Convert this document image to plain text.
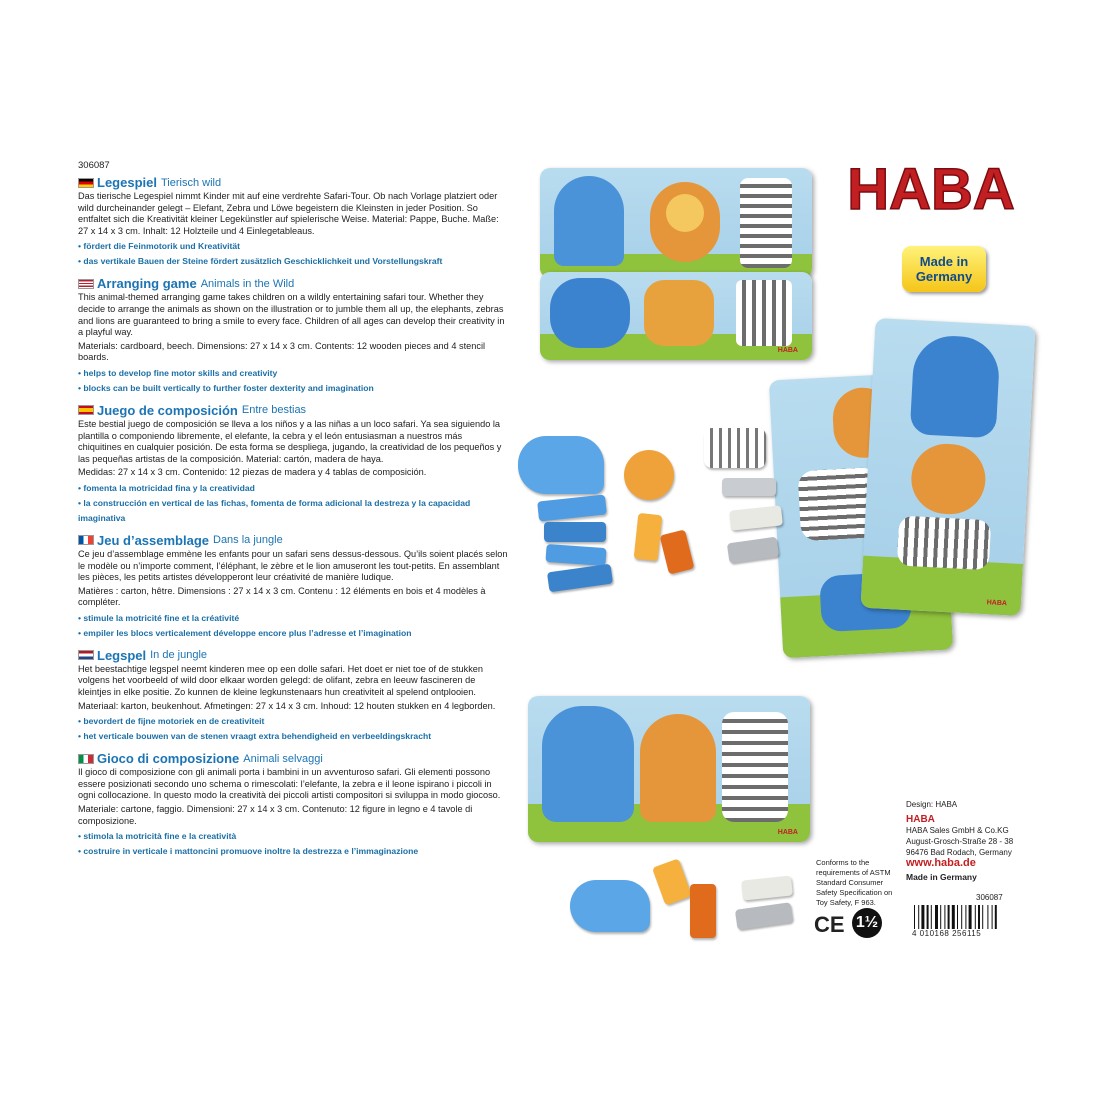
306087
Legespiel Tierisch wild

Das tierische Legespiel nimmt Kinder mit auf eine verdrehte Safari-Tour. Ob nach Vorlage platziert oder wild durcheinander gelegt – Elefant, Zebra und Löwe begeistern die Kleinsten in jeder Position. So entfaltet sich die Kreativität kleiner Legekünstler auf spielerische Weise. Material: Pappe, Buche. Maße: 27 x 14 x 3 cm. Inhalt: 12 Holzteile und 4 Einlegetableaus.

• fördert die Feinmotorik und Kreativität
• das vertikale Bauen der Steine fördert zusätzlich Geschicklichkeit und Vorstellungskraft
Arranging game Animals in the Wild

This animal-themed arranging game takes children on a wildly entertaining safari tour. Whether they decide to arrange the animals as shown on the illustration or to jumble them all up, the elephants, zebras and lions are guaranteed to bring a smile to every face. Children of all ages can develop their creativity in a playful way.

Materials: cardboard, beech. Dimensions: 27 x 14 x 3 cm. Contents: 12 wooden pieces and 4 stencil boards.

• helps to develop fine motor skills and creativity
• blocks can be built vertically to further foster dexterity and imagination
Juego de composición Entre bestias

Este bestial juego de composición se lleva a los niños y a las niñas a un loco safari. Ya sea siguiendo la plantilla o componiendo libremente, el elefante, la cebra y el león entusiasman a nuestros más chiquitines en cualquier posición. De esta forma se despliega, jugando, la creatividad de los pequeños y las pequeñas artistas de la composición. Material: cartón, madera de haya.

Medidas: 27 x 14 x 3 cm. Contenido: 12 piezas de madera y 4 tablas de composición.

• fomenta la motricidad fina y la creatividad
• la construcción en vertical de las fichas, fomenta de forma adicional la destreza y la capacidad imaginativa
Jeu d’assemblage Dans la jungle

Ce jeu d’assemblage emmène les enfants pour un safari sens dessus-dessous. Qu’ils soient placés selon le modèle ou n’importe comment, l’éléphant, le zèbre et le lion amuseront les tout-petits. En assemblant les pièces, les petits artistes développeront leur créativité de manière ludique.

Matières : carton, hêtre. Dimensions : 27 x 14 x 3 cm. Contenu : 12 éléments en bois et 4 modèles à compléter.

• stimule la motricité fine et la créativité
• empiler les blocs verticalement développe encore plus l’adresse et l’imagination
Legspel In de jungle

Het beestachtige legspel neemt kinderen mee op een dolle safari. Het doet er niet toe of de stukken volgens het voorbeeld of wild door elkaar worden gelegd: de olifant, zebra en leeuw fascineren de kleintjes in elke positie. Zo kunnen de kleine legkunstenaars hun creativiteit al spelend ontplooien.

Materiaal: karton, beukenhout. Afmetingen: 27 x 14 x 3 cm. Inhoud: 12 houten stukken en 4 legborden.

• bevordert de fijne motoriek en de creativiteit
• het verticale bouwen van de stenen vraagt extra behendigheid en verbeeldingskracht
Gioco di composizione Animali selvaggi

Il gioco di composizione con gli animali porta i bambini in un avventuroso safari. Gli elementi possono essere posizionati secondo uno schema o rimescolati: l’elefante, la zebra e il leone ispirano i piccoli in ogni collocazione. In questo modo la creatività dei piccoli artisti compositori si sviluppa in modo giocoso.

Materiale: cartone, faggio. Dimensioni: 27 x 14 x 3 cm. Contenuto: 12 figure in legno e 4 tavole di composizione.

• stimola la motricità fine e la creatività
• costruire in verticale i mattoncini promuove inoltre la destrezza e l’immaginazione
HABA
Made in Germany
HABA
HABA
HABA
Design: HABA
HABA
HABA Sales GmbH & Co.KG
August-Grosch-Straße 28 - 38
96476 Bad Rodach, Germany
www.haba.de
Made in Germany
Conforms to the requirements of ASTM Standard Consumer Safety Specification on Toy Safety, F 963.
CE 1½
306087
4 010168 256115
